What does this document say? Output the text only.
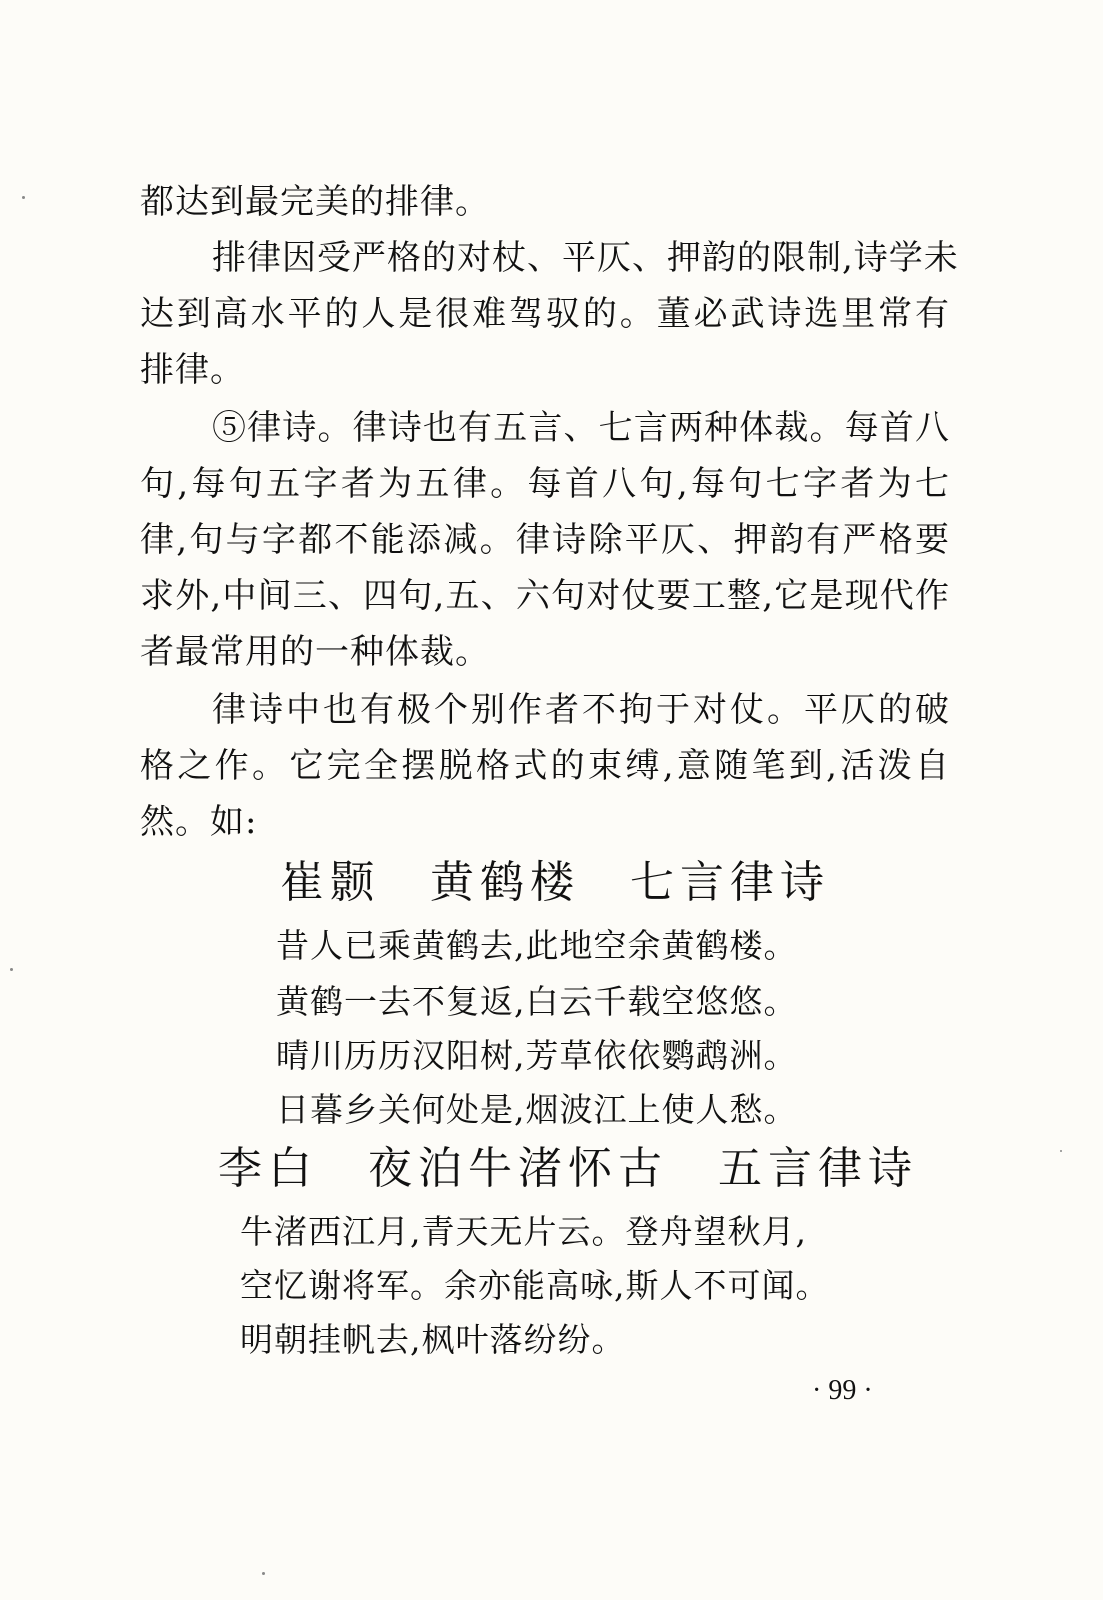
都达到最完美的排律。
排律因受严格的对杖、平仄、押韵的限制,诗学未
达到高水平的人是很难驾驭的。董必武诗选里常有
排律。
⑤律诗。律诗也有五言、七言两种体裁。每首八
句,每句五字者为五律。每首八句,每句七字者为七
律,句与字都不能添减。律诗除平仄、押韵有严格要
求外,中间三、四句,五、六句对仗要工整,它是现代作
者最常用的一种体裁。
律诗中也有极个别作者不拘于对仗。平仄的破
格之作。它完全摆脱格式的束缚,意随笔到,活泼自
然。如:
崔颢　黄鹤楼　七言律诗
昔人已乘黄鹤去,此地空余黄鹤楼。
黄鹤一去不复返,白云千载空悠悠。
晴川历历汉阳树,芳草依依鹦鹉洲。
日暮乡关何处是,烟波江上使人愁。
李白　夜泊牛渚怀古　五言律诗
牛渚西江月,青天无片云。登舟望秋月,
空忆谢将军。余亦能高咏,斯人不可闻。
明朝挂帆去,枫叶落纷纷。
· 99 ·
